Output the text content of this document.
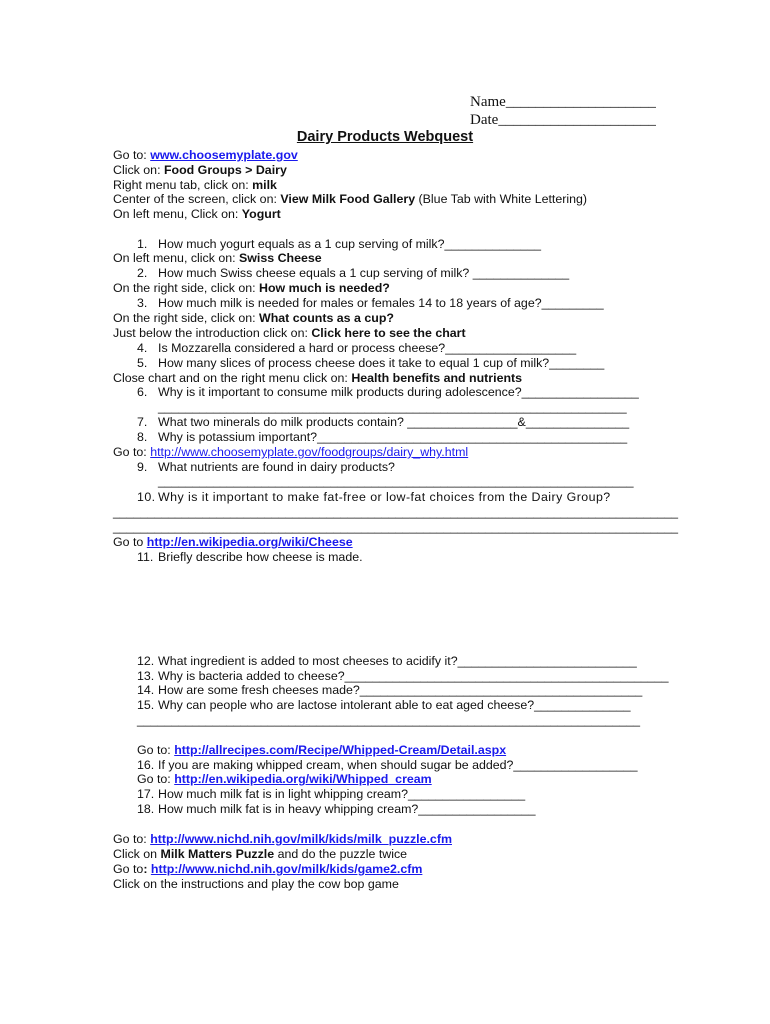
Name____________________
Date_____________________
Dairy Products Webquest
Go to: www.choosemyplate.gov
Click on: Food Groups > Dairy
Right menu tab, click on: milk
Center of the screen, click on: View Milk Food Gallery (Blue Tab with White Lettering)
On left menu, Click on: Yogurt
1. How much yogurt equals as a 1 cup serving of milk?______________
On left menu, click on: Swiss Cheese
2. How much Swiss cheese equals a 1 cup serving of milk? ______________
On the right side, click on: How much is needed?
3. How much milk is needed for males or females 14 to 18 years of age?_________
On the right side, click on: What counts as a cup?
Just below the introduction click on: Click here to see the chart
4. Is Mozzarella considered a hard or process cheese?___________________
5. How many slices of process cheese does it take to equal 1 cup of milk?________
Close chart and on the right menu click on: Health benefits and nutrients
6. Why is it important to consume milk products during adolescence?_________________
____________________________________________________________________
7. What two minerals do milk products contain? ________________&_______________
8. Why is potassium important?_____________________________________________
Go to: http://www.choosemyplate.gov/foodgroups/dairy_why.html
9. What nutrients are found in dairy products?
_____________________________________________________________________
10. Why is it important to make fat-free or low-fat choices from the Dairy Group?
__________________________________________________________________________________
__________________________________________________________________________________
Go to http://en.wikipedia.org/wiki/Cheese
11. Briefly describe how cheese is made.
12. What ingredient is added to most cheeses to acidify it?__________________________
13. Why is bacteria added to cheese?_______________________________________________
14. How are some fresh cheeses made?_________________________________________
15. Why can people who are lactose intolerant able to eat aged cheese?______________
_________________________________________________________________________
Go to: http://allrecipes.com/Recipe/Whipped-Cream/Detail.aspx
16. If you are making whipped cream, when should sugar be added?__________________
Go to: http://en.wikipedia.org/wiki/Whipped_cream
17. How much milk fat is in light whipping cream?_________________
18. How much milk fat is in heavy whipping cream?_________________
Go to: http://www.nichd.nih.gov/milk/kids/milk_puzzle.cfm
Click on Milk Matters Puzzle and do the puzzle twice
Go to: http://www.nichd.nih.gov/milk/kids/game2.cfm
Click on the instructions and play the cow bop game
